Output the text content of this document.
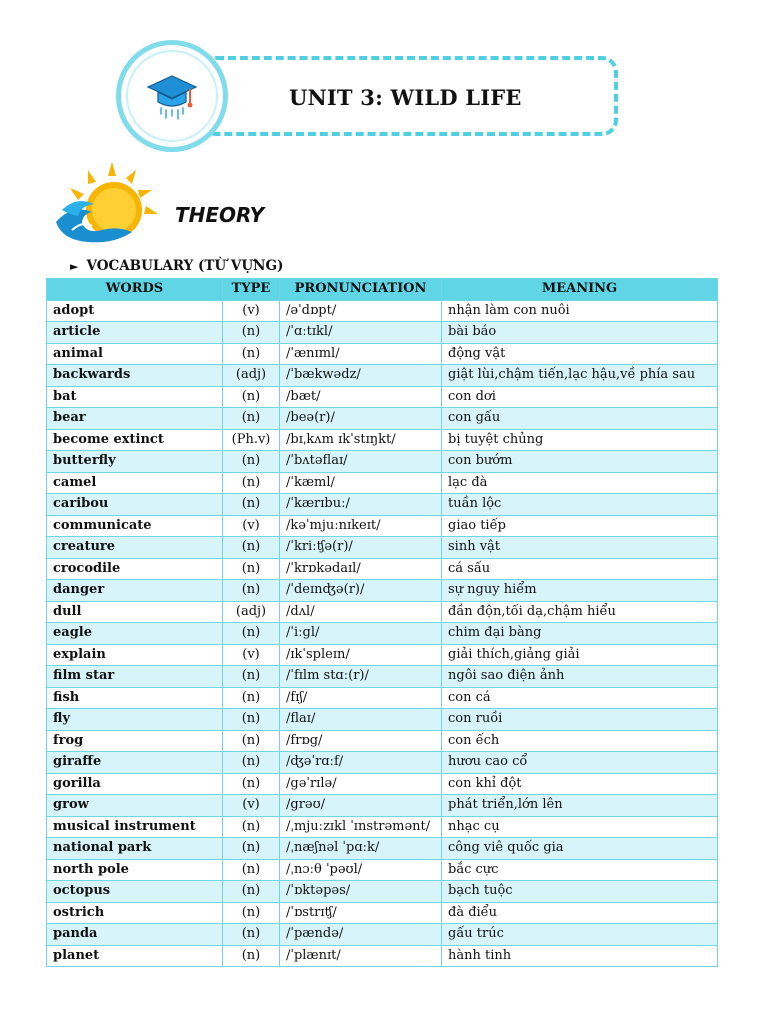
UNIT 3: WILD LIFE
THEORY
► VOCABULARY (TỪ VỰNG)
WORDS	TYPE	PRONUNCIATION	MEANING
adopt	(v)	/əˈdɒpt/	nhận làm con nuôi
article	(n)	/ˈɑːtɪkl/	bài báo
animal	(n)	/ˈænɪml/	động vật
backwards	(adj)	/ˈbækwədz/	giật lùi,chậm tiến,lạc hậu,về phía sau
bat	(n)	/bæt/	con dơi
bear	(n)	/beə(r)/	con gấu
become extinct	(Ph.v)	/bɪˌkʌm ɪkˈstɪŋkt/	bị tuyệt chủng
butterfly	(n)	/ˈbʌtəflaɪ/	con bướm
camel	(n)	/ˈkæml/	lạc đà
caribou	(n)	/ˈkærɪbuː/	tuần lộc
communicate	(v)	/kəˈmjuːnɪkeɪt/	giao tiếp
creature	(n)	/ˈkriːʧə(r)/	sinh vật
crocodile	(n)	/ˈkrɒkədaɪl/	cá sấu
danger	(n)	/ˈdeɪnʤə(r)/	sự nguy hiểm
dull	(adj)	/dʌl/	đần độn,tối dạ,chậm hiểu
eagle	(n)	/ˈiːgl/	chim đại bàng
explain	(v)	/ɪkˈspleɪn/	giải thích,giảng giải
film star	(n)	/ˈfɪlm stɑː(r)/	ngôi sao điện ảnh
fish	(n)	/fɪʃ/	con cá
fly	(n)	/flaɪ/	con ruồi
frog	(n)	/frɒg/	con ếch
giraffe	(n)	/ʤəˈrɑːf/	hươu cao cổ
gorilla	(n)	/gəˈrɪlə/	con khỉ đột
grow	(v)	/grəʊ/	phát triển,lớn lên
musical instrument	(n)	/ˌmjuːzɪkl ˈɪnstrəmənt/	nhạc cụ
national park	(n)	/ˌnæʃnəl ˈpɑːk/	công viê quốc gia
north pole	(n)	/ˌnɔːθ ˈpəʊl/	bắc cực
octopus	(n)	/ˈɒktəpəs/	bạch tuộc
ostrich	(n)	/ˈɒstrɪʧ/	đà điểu
panda	(n)	/ˈpændə/	gấu trúc
planet	(n)	/ˈplænɪt/	hành tinh
